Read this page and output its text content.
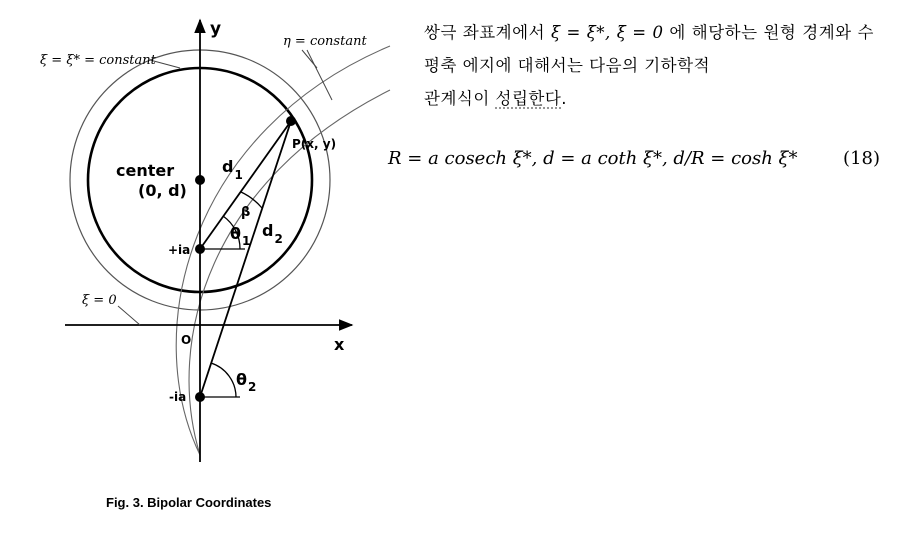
y
x
ξ = ξ* = constant
η = constant
ξ = 0
center
(0, d)
$d_1$
$d_2$
β
$\theta_1$
$\theta_2$
+ia
-ia
O
P(x, y)
Fig. 3. Bipolar Coordinates
쌍극 좌표계에서 ξ = ξ*, ξ = 0 에 해당하는 원형 경계와 수평축 에지에 대해서는 다음의 기하학적
관계식이 성립한다.
R = a cosech ξ*, d = a coth ξ*, d/R = cosh ξ*	(18)
